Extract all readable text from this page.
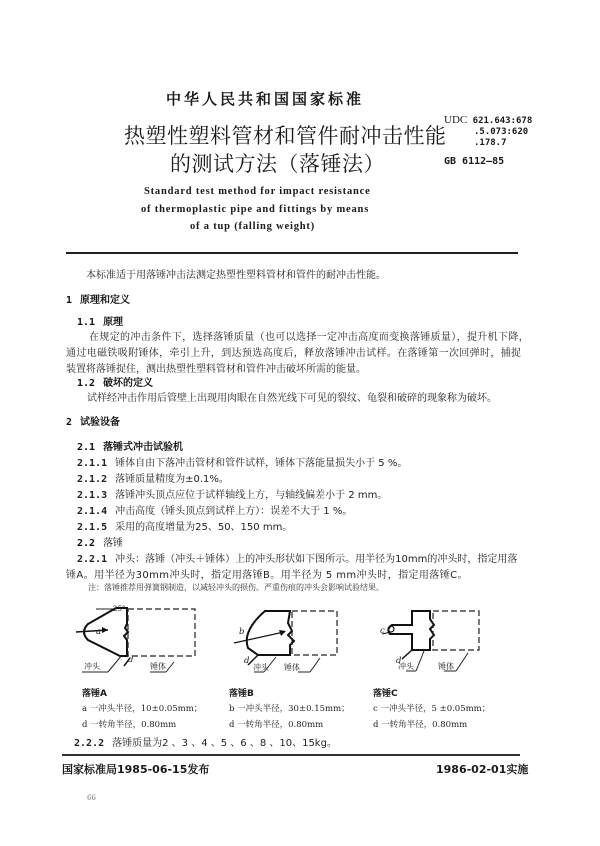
中华人民共和国国家标准
热塑性塑料管材和管件耐冲击性能
的测试方法（落锤法）
Standard test method for impact resistance
of thermoplastic pipe and fittings by means
of a tup (falling weight)
UDC 621.643:678
.5.073:620
.178.7
GB 6112—85
本标准适于用落锤冲击法测定热塑性塑料管材和管件的耐冲击性能。
1 原理和定义
1.1 原理
在规定的冲击条件下，选择落锤质量（也可以选择一定冲击高度而变换落锤质量），提升机下降，
通过电磁铁吸附锤体，牵引上升，到达预选高度后，释放落锤冲击试样。在落锤第一次回弹时，捕捉
装置将落锤捉住，测出热塑性塑料管材和管件冲击破坏所需的能量。
1.2 破坏的定义
试样经冲击作用后管壁上出现用肉眼在自然光线下可见的裂纹、龟裂和破碎的现象称为破坏。
2 试验设备
2.1 落锤式冲击试验机
2.1.1 锤体自由下落冲击管材和管件试样，锤体下落能量损失小于 5 %。
2.1.2 落锤质量精度为±0.1%。
2.1.3 落锤冲头顶点应位于试样轴线上方，与轴线偏差小于 2 mm。
2.1.4 冲击高度（锤头顶点到试样上方）：误差不大于 1 %。
2.1.5 采用的高度增量为25、50、150 mm。
2.2 落锤
2.2.1 冲头：落锤（冲头＋锤体）上的冲头形状如下图所示。用半径为10mm的冲头时，指定用落
锤A。用半径为30mm冲头时，指定用落锤B。用半径为 5 mm冲头时，指定用落锤C。
注：落锤推荐用弹簧钢制造，以减轻冲头的损伤。严重伤痕的冲头会影响试验结果。
25°
a
d
冲头	锤体
b
d
冲头 锤体
c
d
冲头	锤体
落锤A
a 一冲头半径，10±0.05mm；
d 一转角半径，0.80mm
落锤B
b 一冲头半径，30±0.15mm；
d 一转角半径，0.80mm
落锤C
c 一冲头半径，5 ±0.05mm；
d 一转角半径，0.80mm
2.2.2 落锤质量为2 、3 、4 、5 、6 、8 、10、15kg。
国家标准局1985-06-15发布	1986-02-01实施
66
